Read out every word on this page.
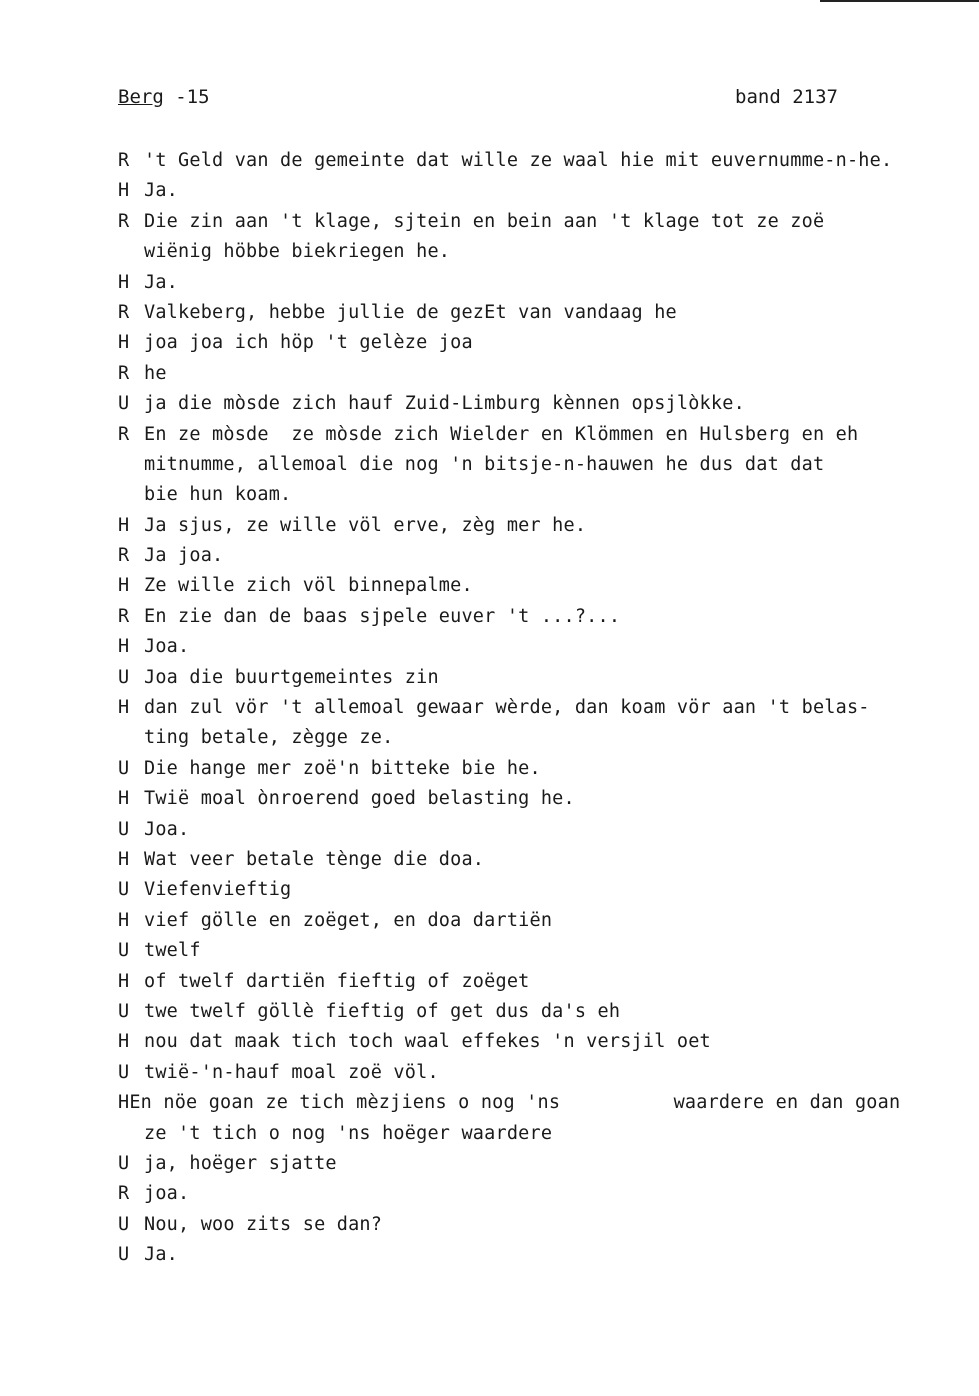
Berg -15	band 2137
R 't Geld van de gemeinte dat wille ze waal hie mit euvernumme-n-he.
H Ja.
R Die zin aan 't klage, sjtein en bein aan 't klage tot ze zoë
wiënig höbbe biekriegen he.
H Ja.
R Valkeberg, hebbe jullie de gezEt van vandaag he
H joa joa ich höp 't gelèze joa
R he
U ja die mòsde zich hauf Zuid-Limburg kènnen opsjlòkke.
R En ze mòsde  ze mòsde zich Wielder en Klömmen en Hulsberg en eh
mitnumme, allemoal die nog 'n bitsje-n-hauwen he dus dat dat
bie hun koam.
H Ja sjus, ze wille völ erve, zèg mer he.
R Ja joa.
H Ze wille zich völ binnepalme.
R En zie dan de baas sjpele euver 't ...?...
H Joa.
U Joa die buurtgemeintes zin
H dan zul vör 't allemoal gewaar wèrde, dan koam vör aan 't belas-
ting betale, zègge ze.
U Die hange mer zoë'n bitteke bie he.
H Twië moal ònroerend goed belasting he.
U Joa.
H Wat veer betale tènge die doa.
U Viefenvieftig
H vief gölle en zoëget, en doa dartiën
U twelf
H of twelf dartiën fieftig of zoëget
U twe twelf göllè fieftig of get dus da's eh
H nou dat maak tich toch waal effekes 'n versjil oet
U twië-'n-hauf moal zoë völ.
HEn nöe goan ze tich mèzjiens o nog 'ns          waardere en dan goan
ze 't tich o nog 'ns hoëger waardere
U ja, hoëger sjatte
R joa.
U Nou, woo zits se dan?
U Ja.
